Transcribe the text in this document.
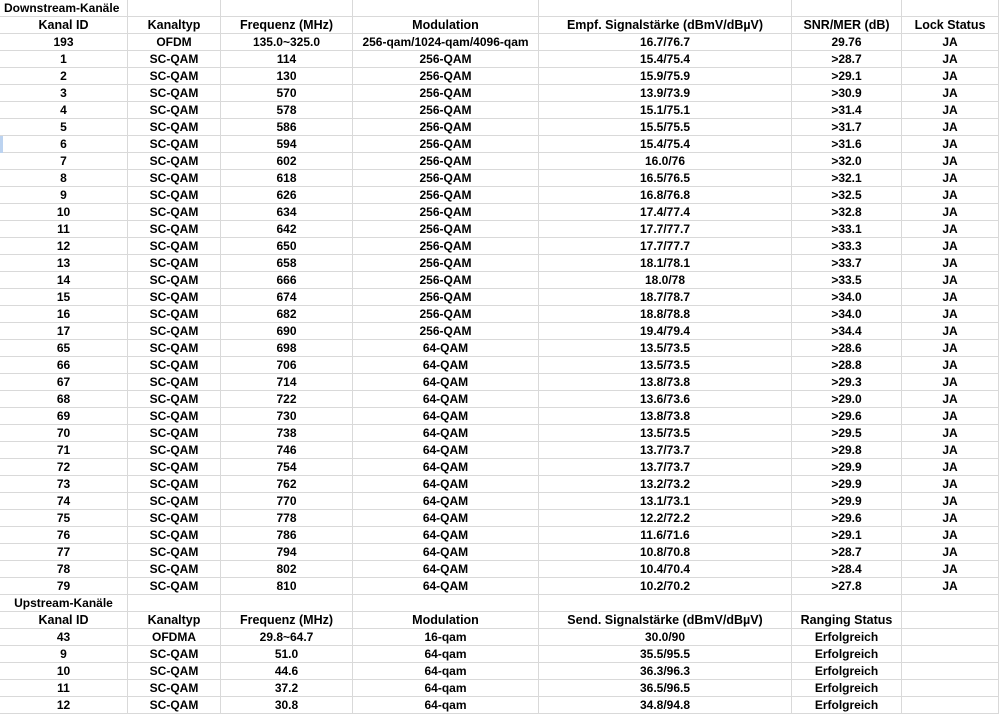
Downstream-Kanäle
Kanal ID	Kanaltyp	Frequenz (MHz)	Modulation	Empf. Signalstärke (dBmV/dBµV)	SNR/MER (dB)	Lock Status
193	OFDM	135.0~325.0	256-qam/1024-qam/4096-qam	16.7/76.7	29.76	JA
1	SC-QAM	114	256-QAM	15.4/75.4	>28.7	JA
2	SC-QAM	130	256-QAM	15.9/75.9	>29.1	JA
3	SC-QAM	570	256-QAM	13.9/73.9	>30.9	JA
4	SC-QAM	578	256-QAM	15.1/75.1	>31.4	JA
5	SC-QAM	586	256-QAM	15.5/75.5	>31.7	JA
6	SC-QAM	594	256-QAM	15.4/75.4	>31.6	JA
7	SC-QAM	602	256-QAM	16.0/76	>32.0	JA
8	SC-QAM	618	256-QAM	16.5/76.5	>32.1	JA
9	SC-QAM	626	256-QAM	16.8/76.8	>32.5	JA
10	SC-QAM	634	256-QAM	17.4/77.4	>32.8	JA
11	SC-QAM	642	256-QAM	17.7/77.7	>33.1	JA
12	SC-QAM	650	256-QAM	17.7/77.7	>33.3	JA
13	SC-QAM	658	256-QAM	18.1/78.1	>33.7	JA
14	SC-QAM	666	256-QAM	18.0/78	>33.5	JA
15	SC-QAM	674	256-QAM	18.7/78.7	>34.0	JA
16	SC-QAM	682	256-QAM	18.8/78.8	>34.0	JA
17	SC-QAM	690	256-QAM	19.4/79.4	>34.4	JA
65	SC-QAM	698	64-QAM	13.5/73.5	>28.6	JA
66	SC-QAM	706	64-QAM	13.5/73.5	>28.8	JA
67	SC-QAM	714	64-QAM	13.8/73.8	>29.3	JA
68	SC-QAM	722	64-QAM	13.6/73.6	>29.0	JA
69	SC-QAM	730	64-QAM	13.8/73.8	>29.6	JA
70	SC-QAM	738	64-QAM	13.5/73.5	>29.5	JA
71	SC-QAM	746	64-QAM	13.7/73.7	>29.8	JA
72	SC-QAM	754	64-QAM	13.7/73.7	>29.9	JA
73	SC-QAM	762	64-QAM	13.2/73.2	>29.9	JA
74	SC-QAM	770	64-QAM	13.1/73.1	>29.9	JA
75	SC-QAM	778	64-QAM	12.2/72.2	>29.6	JA
76	SC-QAM	786	64-QAM	11.6/71.6	>29.1	JA
77	SC-QAM	794	64-QAM	10.8/70.8	>28.7	JA
78	SC-QAM	802	64-QAM	10.4/70.4	>28.4	JA
79	SC-QAM	810	64-QAM	10.2/70.2	>27.8	JA
Upstream-Kanäle
Kanal ID	Kanaltyp	Frequenz (MHz)	Modulation	Send. Signalstärke (dBmV/dBµV)	Ranging Status
43	OFDMA	29.8~64.7	16-qam	30.0/90	Erfolgreich
9	SC-QAM	51.0	64-qam	35.5/95.5	Erfolgreich
10	SC-QAM	44.6	64-qam	36.3/96.3	Erfolgreich
11	SC-QAM	37.2	64-qam	36.5/96.5	Erfolgreich
12	SC-QAM	30.8	64-qam	34.8/94.8	Erfolgreich
